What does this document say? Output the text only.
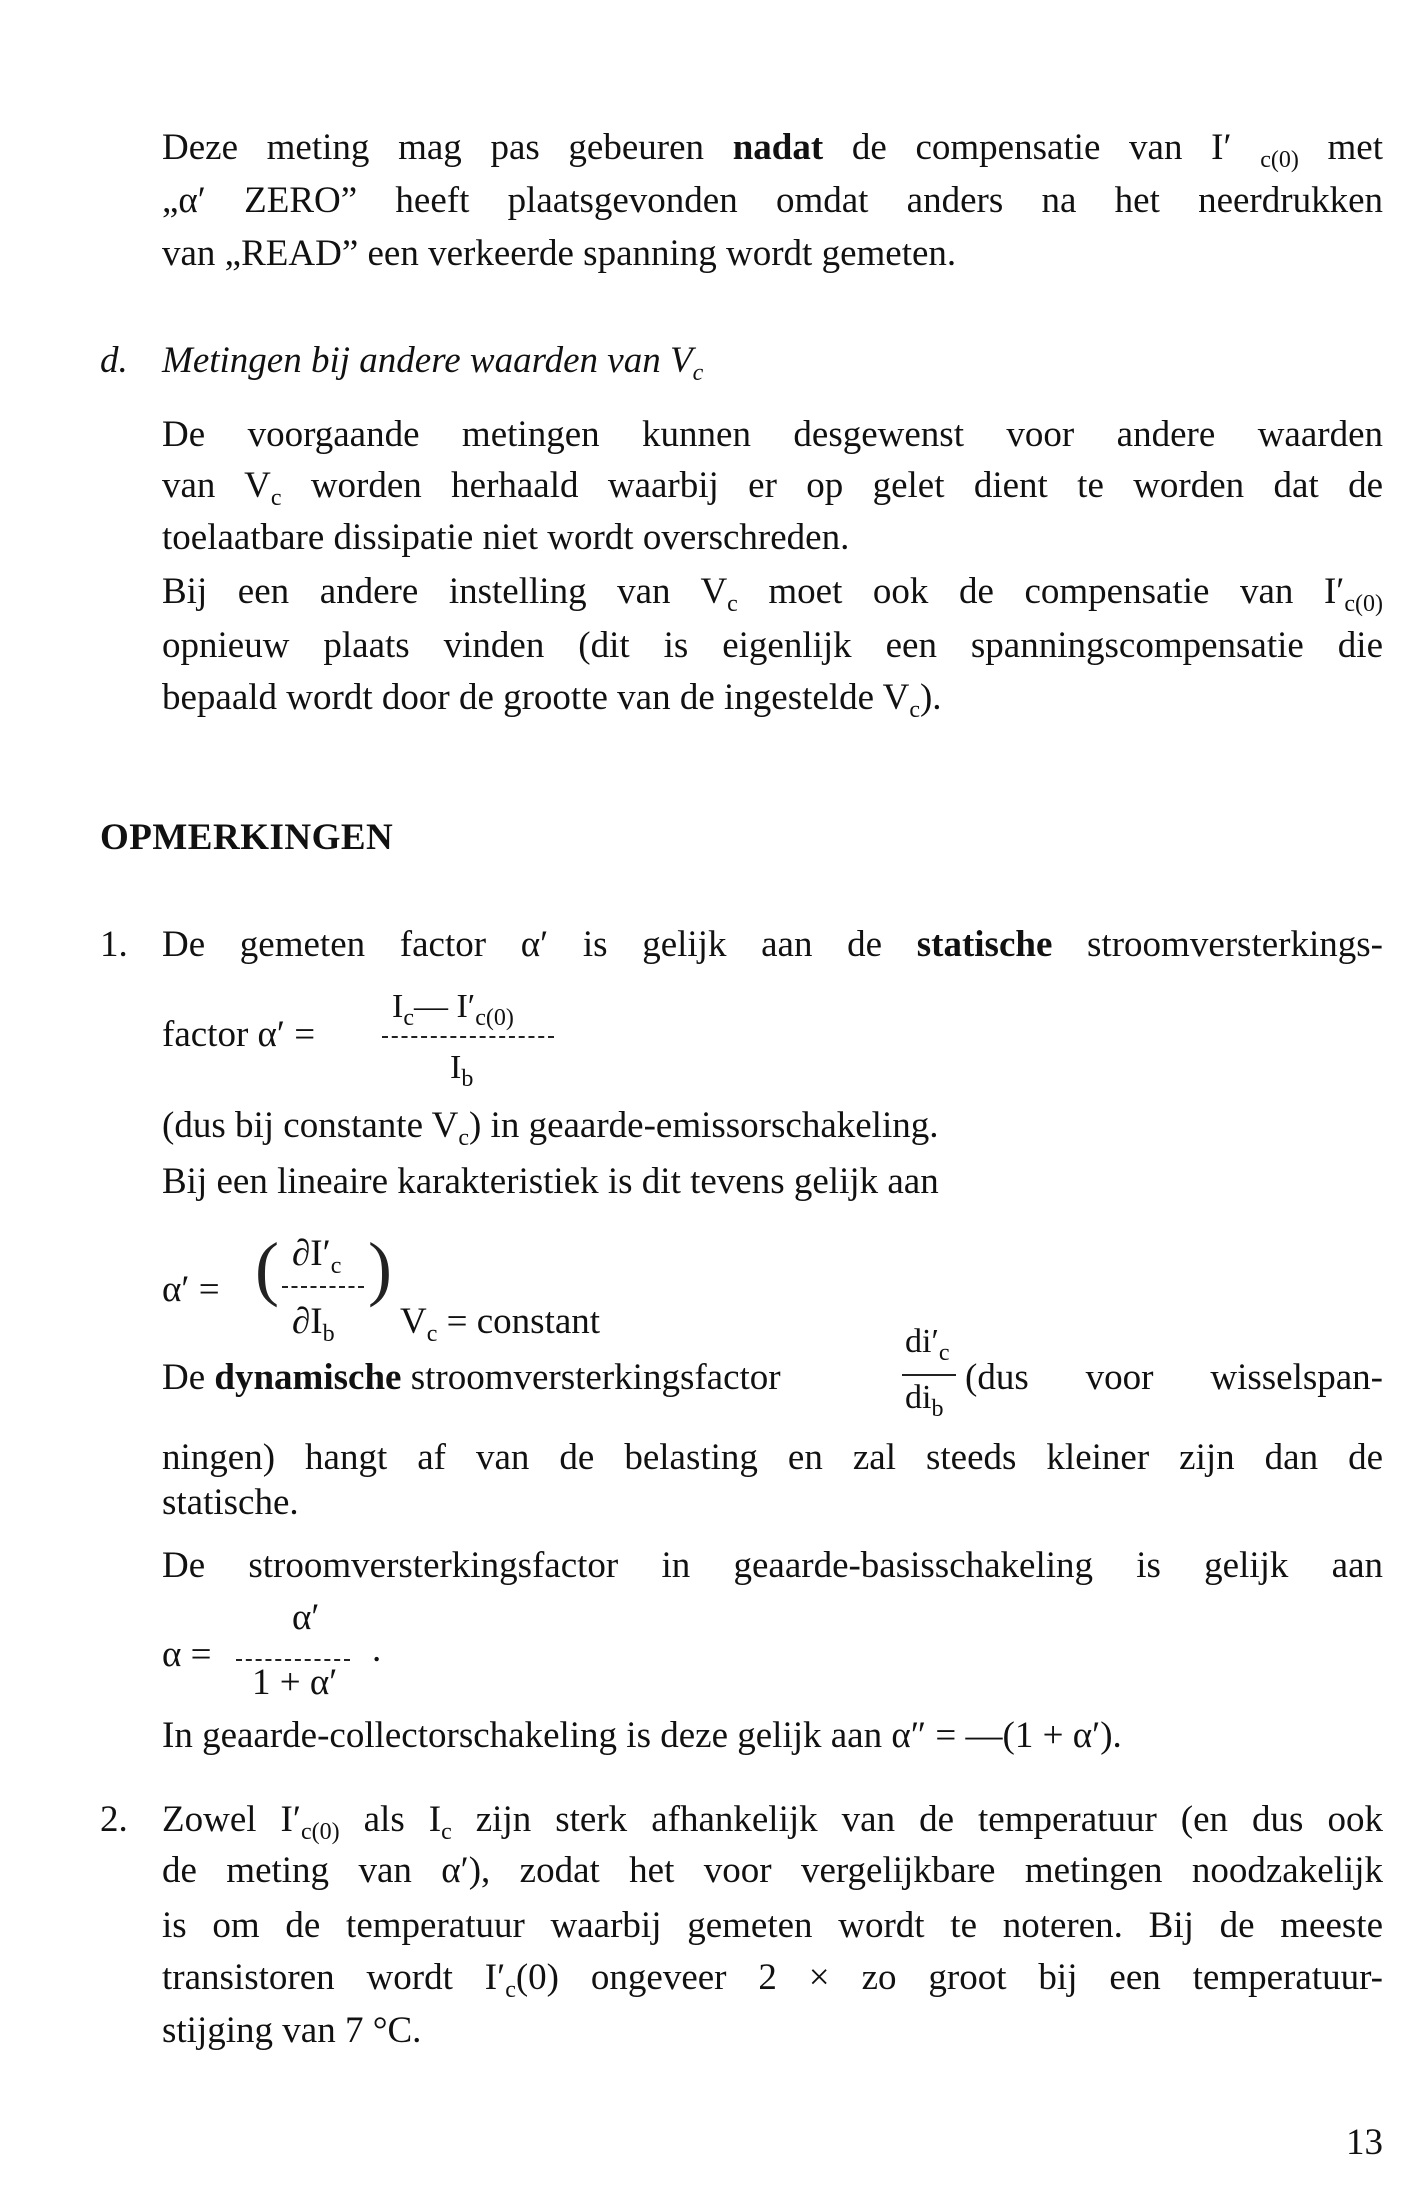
Deze meting mag pas gebeuren nadat de compensatie van I′ $_{c(0)}$ met
„α′ ZERO” heeft plaatsgevonden omdat anders na het neerdrukken
van „READ” een verkeerde spanning wordt gemeten.
d. Metingen bij andere waarden van $V_c$
De voorgaande metingen kunnen desgewenst voor andere waarden
van $V_c$ worden herhaald waarbij er op gelet dient te worden dat de
toelaatbare dissipatie niet wordt overschreden.
Bij een andere instelling van $V_c$ moet ook de compensatie van $I'_{c(0)}$
opnieuw plaats vinden (dit is eigenlijk een spanningscompensatie die
bepaald wordt door de grootte van de ingestelde $V_c$).
OPMERKINGEN
1. De gemeten factor α′ is gelijk aan de statische stroomversterkings-
factor α′ =
$I_c—$ $I'_{c(0)}$
$I_b$
(dus bij constante $V_c$) in geaarde-emissorschakeling.
Bij een lineaire karakteristiek is dit tevens gelijk aan
α′ = ( $\partial I'_c$
$\partial I_b$
)
$V_c$ = constant
De dynamische stroomversterkingsfactor
$di'_c$
$di_b$
(dus voor wisselspan-
ningen) hangt af van de belasting en zal steeds kleiner zijn dan de
statische.
De stroomversterkingsfactor in geaarde-basisschakeling is gelijk aan
α =
α′
1 + α′
.
In geaarde-collectorschakeling is deze gelijk aan α″ = —(1 + α′).
2. Zowel $I'_{c(0)}$ als $I_c$ zijn sterk afhankelijk van de temperatuur (en dus ook
de meting van α′), zodat het voor vergelijkbare metingen noodzakelijk
is om de temperatuur waarbij gemeten wordt te noteren. Bij de meeste
transistoren wordt $I'_c(0)$ ongeveer 2 × zo groot bij een temperatuur-
stijging van 7 °C.
13
